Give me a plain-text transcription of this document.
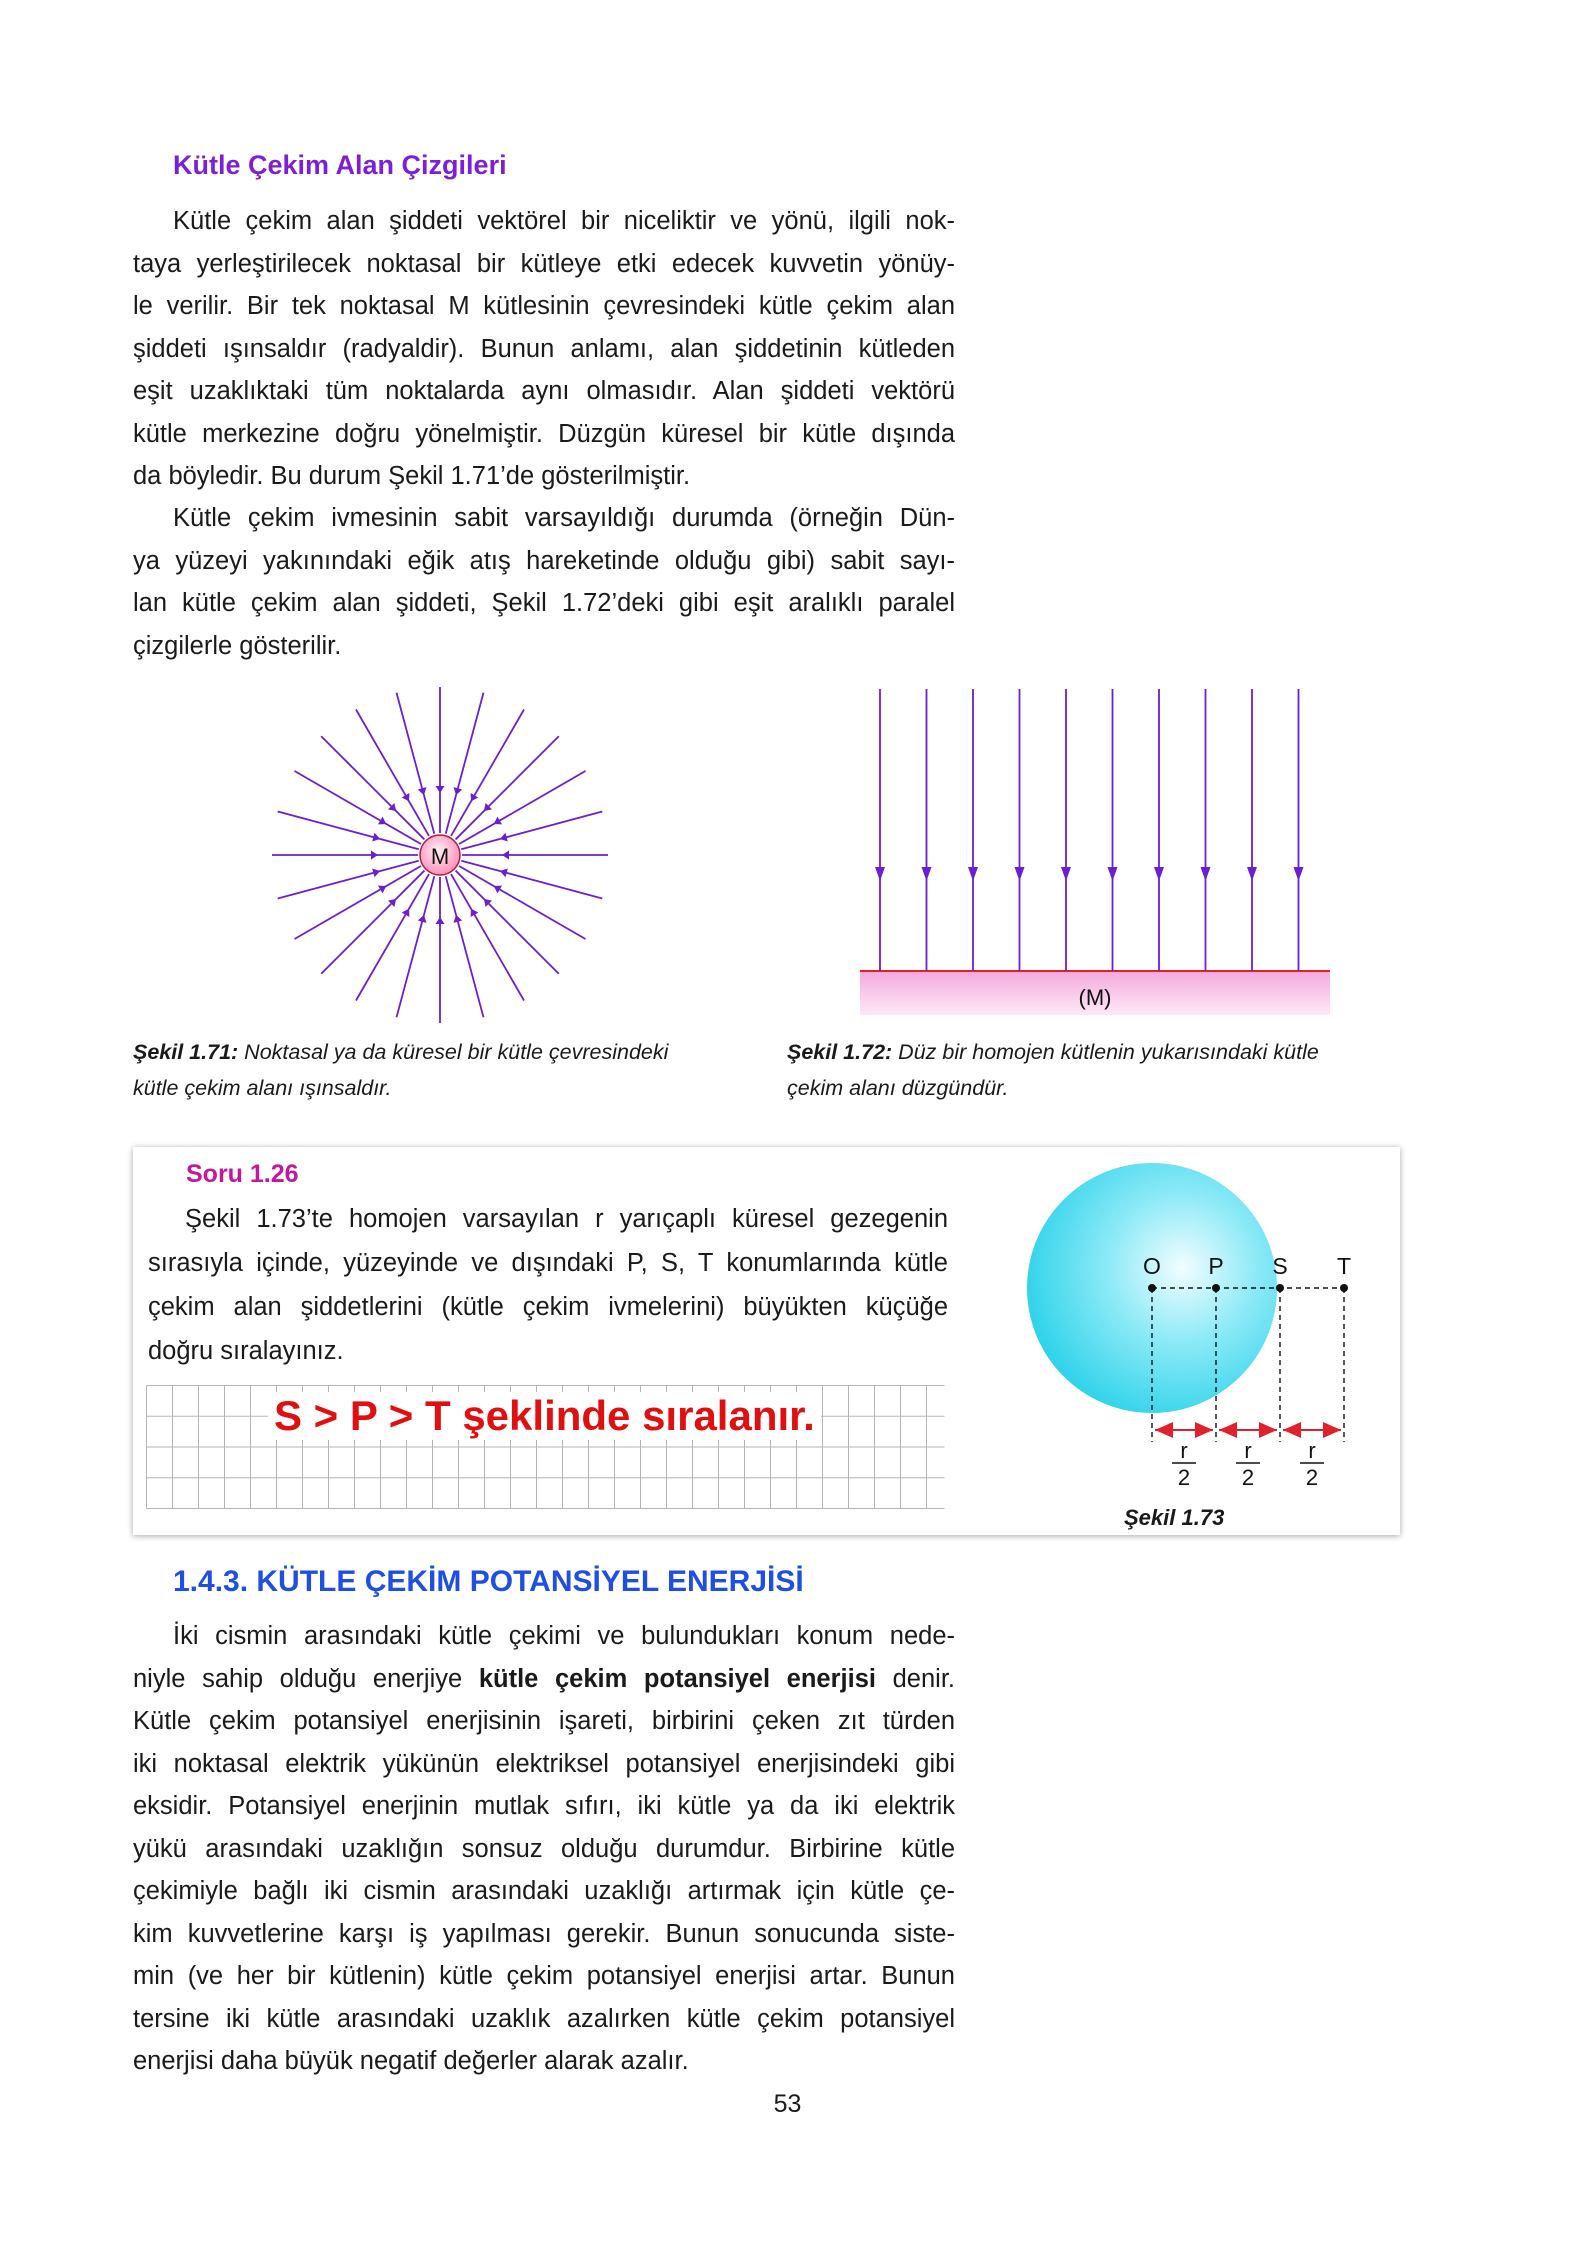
Kütle Çekim Alan Çizgileri
Kütle çekim alan şiddeti vektörel bir niceliktir ve yönü, ilgili nok-
taya yerleştirilecek noktasal bir kütleye etki edecek kuvvetin yönüy-
le verilir. Bir tek noktasal M kütlesinin çevresindeki kütle çekim alan
şiddeti ışınsaldır (radyaldir). Bunun anlamı, alan şiddetinin kütleden
eşit uzaklıktaki tüm noktalarda aynı olmasıdır. Alan şiddeti vektörü
kütle merkezine doğru yönelmiştir. Düzgün küresel bir kütle dışında
da böyledir. Bu durum Şekil 1.71’de gösterilmiştir.
Kütle çekim ivmesinin sabit varsayıldığı durumda (örneğin Dün-
ya yüzeyi yakınındaki eğik atış hareketinde olduğu gibi) sabit sayı-
lan kütle çekim alan şiddeti, Şekil 1.72’deki gibi eşit aralıklı paralel
çizgilerle gösterilir.
M
(M)
Şekil 1.71: Noktasal ya da küresel bir kütle çevresindeki
kütle çekim alanı ışınsaldır.
Şekil 1.72: Düz bir homojen kütlenin yukarısındaki kütle
çekim alanı düzgündür.
Soru 1.26
Şekil 1.73’te homojen varsayılan r yarıçaplı küresel gezegenin
sırasıyla içinde, yüzeyinde ve dışındaki P, S, T konumlarında kütle
çekim alan şiddetlerini (kütle çekim ivmelerini) büyükten küçüğe
doğru sıralayınız.
S > P > T şeklinde sıralanır.
O P S T
r
2
r
2
r
2
Şekil 1.73
1.4.3. KÜTLE ÇEKİM POTANSİYEL ENERJİSİ
İki cismin arasındaki kütle çekimi ve bulundukları konum nede-
niyle sahip olduğu enerjiye kütle çekim potansiyel enerjisi denir.
Kütle çekim potansiyel enerjisinin işareti, birbirini çeken zıt türden
iki noktasal elektrik yükünün elektriksel potansiyel enerjisindeki gibi
eksidir. Potansiyel enerjinin mutlak sıfırı, iki kütle ya da iki elektrik
yükü arasındaki uzaklığın sonsuz olduğu durumdur. Birbirine kütle
çekimiyle bağlı iki cismin arasındaki uzaklığı artırmak için kütle çe-
kim kuvvetlerine karşı iş yapılması gerekir. Bunun sonucunda siste-
min (ve her bir kütlenin) kütle çekim potansiyel enerjisi artar. Bunun
tersine iki kütle arasındaki uzaklık azalırken kütle çekim potansiyel
enerjisi daha büyük negatif değerler alarak azalır.
53
